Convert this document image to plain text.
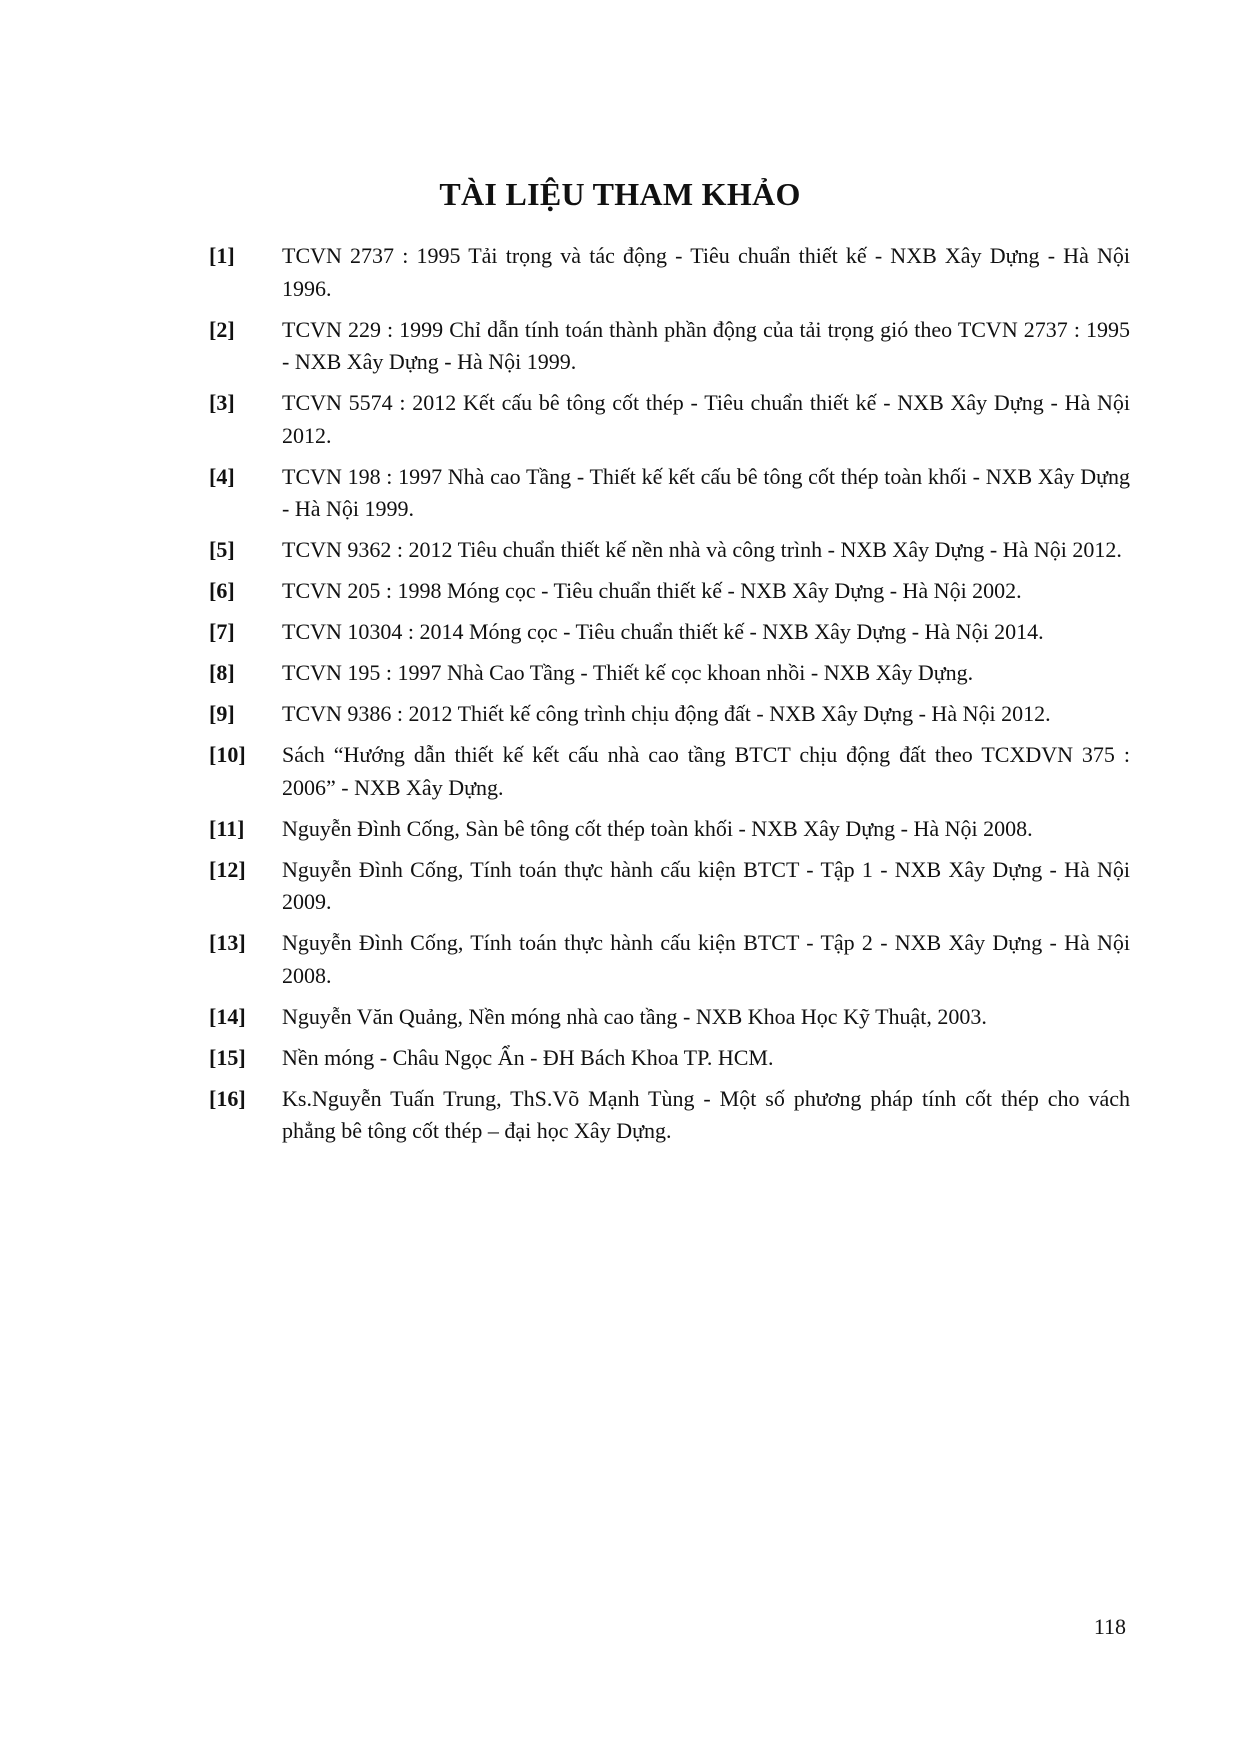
TÀI LIỆU THAM KHẢO
[1]	TCVN 2737 : 1995 Tải trọng và tác động - Tiêu chuẩn thiết kế - NXB Xây Dựng - Hà Nội 1996.
[2]	TCVN 229 : 1999 Chỉ dẫn tính toán thành phần động của tải trọng gió theo TCVN 2737 : 1995 - NXB Xây Dựng - Hà Nội 1999.
[3]	TCVN 5574 : 2012 Kết cấu bê tông cốt thép - Tiêu chuẩn thiết kế - NXB Xây Dựng - Hà Nội 2012.
[4]	TCVN 198 : 1997 Nhà cao Tầng - Thiết kế kết cấu bê tông cốt thép toàn khối - NXB Xây Dựng - Hà Nội 1999.
[5]	TCVN 9362 : 2012 Tiêu chuẩn thiết kế nền nhà và công trình - NXB Xây Dựng - Hà Nội 2012.
[6]	TCVN 205 : 1998 Móng cọc - Tiêu chuẩn thiết kế - NXB Xây Dựng - Hà Nội 2002.
[7]	TCVN 10304 : 2014 Móng cọc - Tiêu chuẩn thiết kế - NXB Xây Dựng - Hà Nội 2014.
[8]	TCVN 195 : 1997 Nhà Cao Tầng - Thiết kế cọc khoan nhồi - NXB Xây Dựng.
[9]	TCVN 9386 : 2012 Thiết kế công trình chịu động đất - NXB Xây Dựng - Hà Nội 2012.
[10]	Sách “Hướng dẫn thiết kế kết cấu nhà cao tầng BTCT chịu động đất theo TCXDVN 375 : 2006” - NXB Xây Dựng.
[11]	Nguyễn Đình Cống, Sàn bê tông cốt thép toàn khối - NXB Xây Dựng - Hà Nội 2008.
[12]	Nguyễn Đình Cống, Tính toán thực hành cấu kiện BTCT - Tập 1 - NXB Xây Dựng - Hà Nội 2009.
[13]	Nguyễn Đình Cống, Tính toán thực hành cấu kiện BTCT - Tập 2 - NXB Xây Dựng - Hà Nội 2008.
[14]	Nguyễn Văn Quảng, Nền móng nhà cao tầng - NXB Khoa Học Kỹ Thuật, 2003.
[15]	Nền móng - Châu Ngọc Ẩn - ĐH Bách Khoa TP. HCM.
[16]	Ks.Nguyễn Tuấn Trung, ThS.Võ Mạnh Tùng - Một số phương pháp tính cốt thép cho vách phẳng bê tông cốt thép – đại học Xây Dựng.
118
